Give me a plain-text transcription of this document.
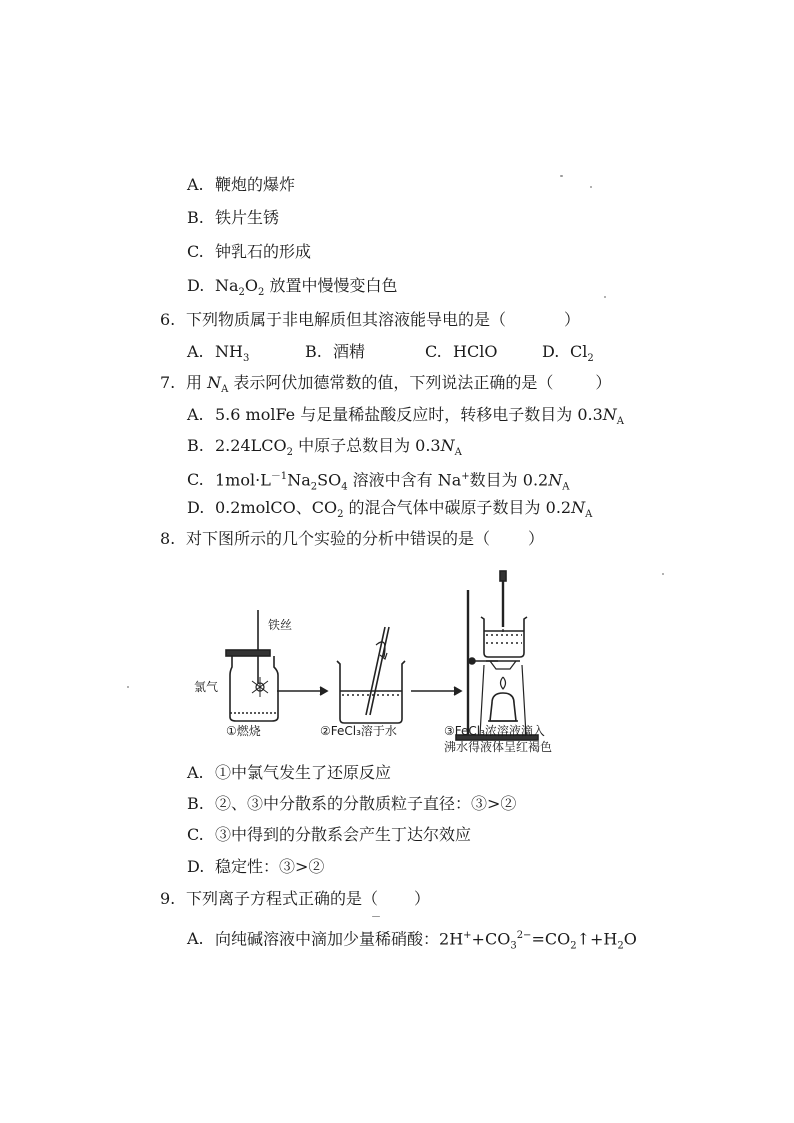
A. 鞭炮的爆炸
B. 铁片生锈
C. 钟乳石的形成
D. $Na_2O_2$ 放置中慢慢变白色
6. 下列物质属于非电解质但其溶液能导电的是（	）
A. $NH_3$	B. 酒精	C. HClO	D. $Cl_2$
7. 用 $N_A$ 表示阿伏加德常数的值，下列说法正确的是（	）
A. 5.6 molFe 与足量稀盐酸反应时，转移电子数目为 $0.3N_A$
B. $2.24LCO_2$ 中原子总数目为 $0.3N_A$
C. $1mol\cdot L^{-1}Na_2SO_4$ 溶液中含有 Na+数目为 $0.2N_A$
D. 0.2molCO、$CO_2$ 的混合气体中碳原子数目为 $0.2N_A$
8. 对下图所示的几个实验的分析中错误的是（ ）
铁丝
氯气
①燃烧	②FeCl₃溶于水	③FeCl₃浓溶液滴入
沸水得液体呈红褐色
A. ①中氯气发生了还原反应
B. ②、③中分散系的分散质粒子直径：③>②
C. ③中得到的分散系会产生丁达尔效应
D. 稳定性：③>②
9. 下列离子方程式正确的是（ ）
A. 向纯碱溶液中滴加少量稀硝酸：$2H^++CO_3^{2-}=CO_2↑+H_2O$
